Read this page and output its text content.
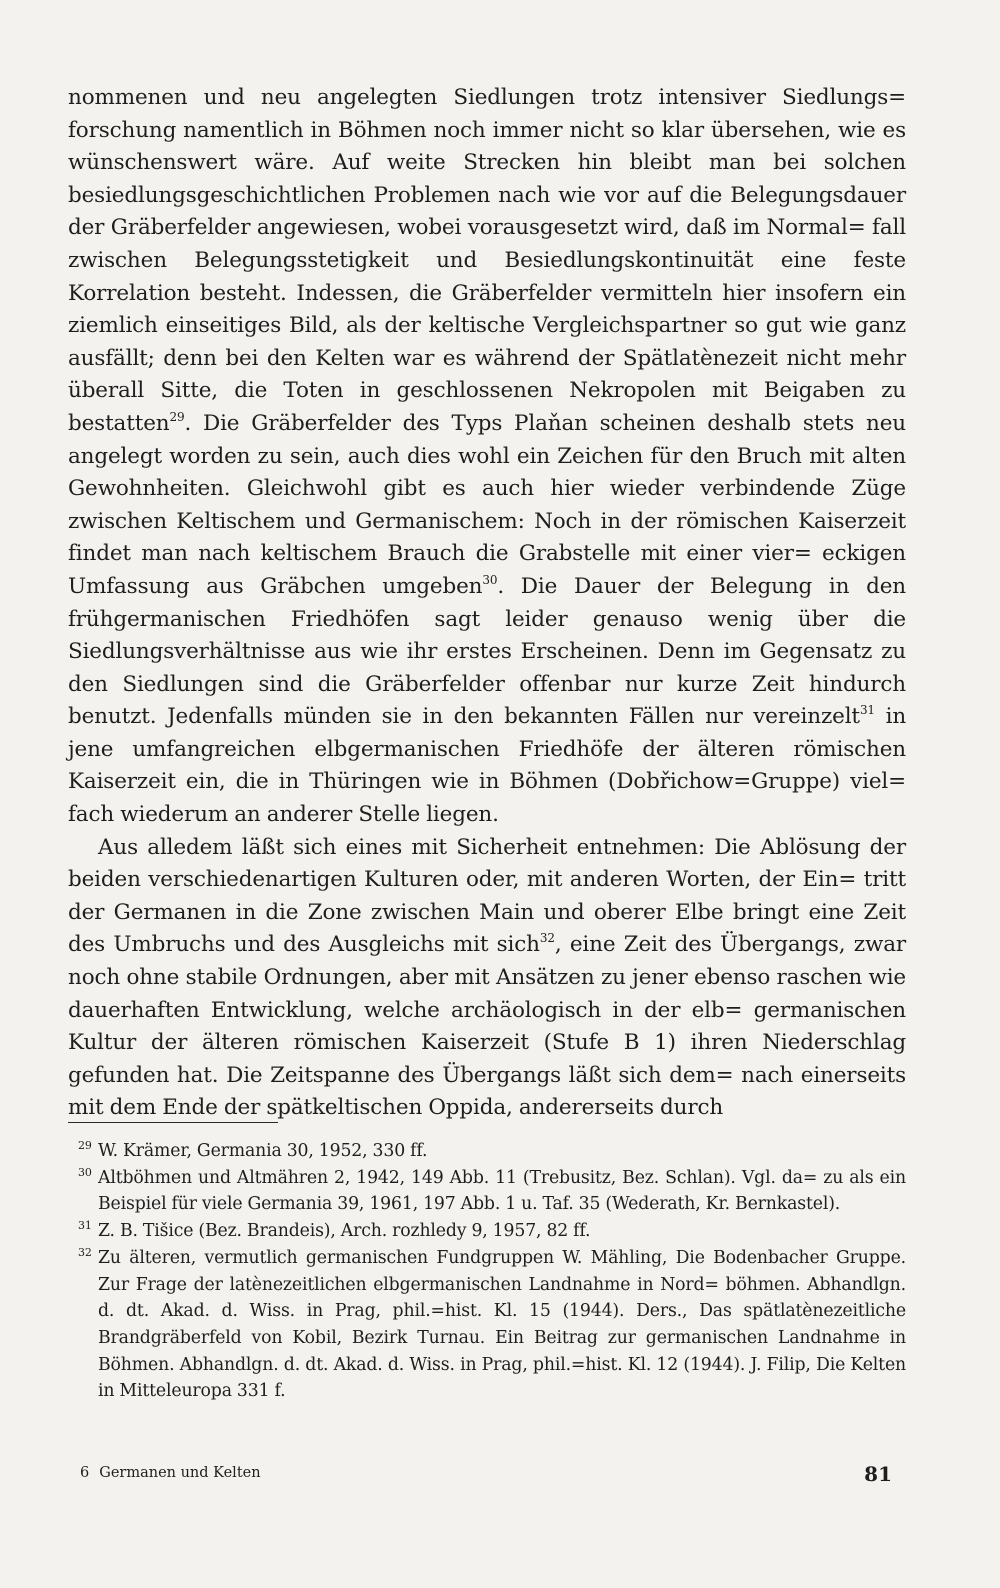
nommenen und neu angelegten Siedlungen trotz intensiver Siedlungs= forschung namentlich in Böhmen noch immer nicht so klar übersehen, wie es wünschenswert wäre. Auf weite Strecken hin bleibt man bei solchen besiedlungsgeschichtlichen Problemen nach wie vor auf die Belegungsdauer der Gräberfelder angewiesen, wobei vorausgesetzt wird, daß im Normal= fall zwischen Belegungsstetigkeit und Besiedlungskontinuität eine feste Korrelation besteht. Indessen, die Gräberfelder vermitteln hier insofern ein ziemlich einseitiges Bild, als der keltische Vergleichspartner so gut wie ganz ausfällt; denn bei den Kelten war es während der Spätlatènezeit nicht mehr überall Sitte, die Toten in geschlossenen Nekropolen mit Beigaben zu bestatten$^{29}$. Die Gräberfelder des Typs Plaňan scheinen deshalb stets neu angelegt worden zu sein, auch dies wohl ein Zeichen für den Bruch mit alten Gewohnheiten. Gleichwohl gibt es auch hier wieder verbindende Züge zwischen Keltischem und Germanischem: Noch in der römischen Kaiserzeit findet man nach keltischem Brauch die Grabstelle mit einer vier= eckigen Umfassung aus Gräbchen umgeben$^{30}$. Die Dauer der Belegung in den frühgermanischen Friedhöfen sagt leider genauso wenig über die Siedlungsverhältnisse aus wie ihr erstes Erscheinen. Denn im Gegensatz zu den Siedlungen sind die Gräberfelder offenbar nur kurze Zeit hindurch benutzt. Jedenfalls münden sie in den bekannten Fällen nur vereinzelt$^{31}$ in jene umfangreichen elbgermanischen Friedhöfe der älteren römischen Kaiserzeit ein, die in Thüringen wie in Böhmen (Dobřichow=Gruppe) viel= fach wiederum an anderer Stelle liegen.

Aus alledem läßt sich eines mit Sicherheit entnehmen: Die Ablösung der beiden verschiedenartigen Kulturen oder, mit anderen Worten, der Ein= tritt der Germanen in die Zone zwischen Main und oberer Elbe bringt eine Zeit des Umbruchs und des Ausgleichs mit sich$^{32}$, eine Zeit des Übergangs, zwar noch ohne stabile Ordnungen, aber mit Ansätzen zu jener ebenso raschen wie dauerhaften Entwicklung, welche archäologisch in der elb= germanischen Kultur der älteren römischen Kaiserzeit (Stufe B 1) ihren Niederschlag gefunden hat. Die Zeitspanne des Übergangs läßt sich dem= nach einerseits mit dem Ende der spätkeltischen Oppida, andererseits durch

29 W. Krämer, Germania 30, 1952, 330 ff.

30 Altböhmen und Altmähren 2, 1942, 149 Abb. 11 (Trebusitz, Bez. Schlan). Vgl. da= zu als ein Beispiel für viele Germania 39, 1961, 197 Abb. 1 u. Taf. 35 (Wederath, Kr. Bernkastel).

31 Z. B. Tišice (Bez. Brandeis), Arch. rozhledy 9, 1957, 82 ff.

32 Zu älteren, vermutlich germanischen Fundgruppen W. Mähling, Die Bodenbacher Gruppe. Zur Frage der latènezeitlichen elbgermanischen Landnahme in Nord= böhmen. Abhandlgn. d. dt. Akad. d. Wiss. in Prag, phil.=hist. Kl. 15 (1944). Ders., Das spätlatènezeitliche Brandgräberfeld von Kobil, Bezirk Turnau. Ein Beitrag zur germanischen Landnahme in Böhmen. Abhandlgn. d. dt. Akad. d. Wiss. in Prag, phil.=hist. Kl. 12 (1944). J. Filip, Die Kelten in Mitteleuropa 331 f.

6 Germanen und Kelten	81
